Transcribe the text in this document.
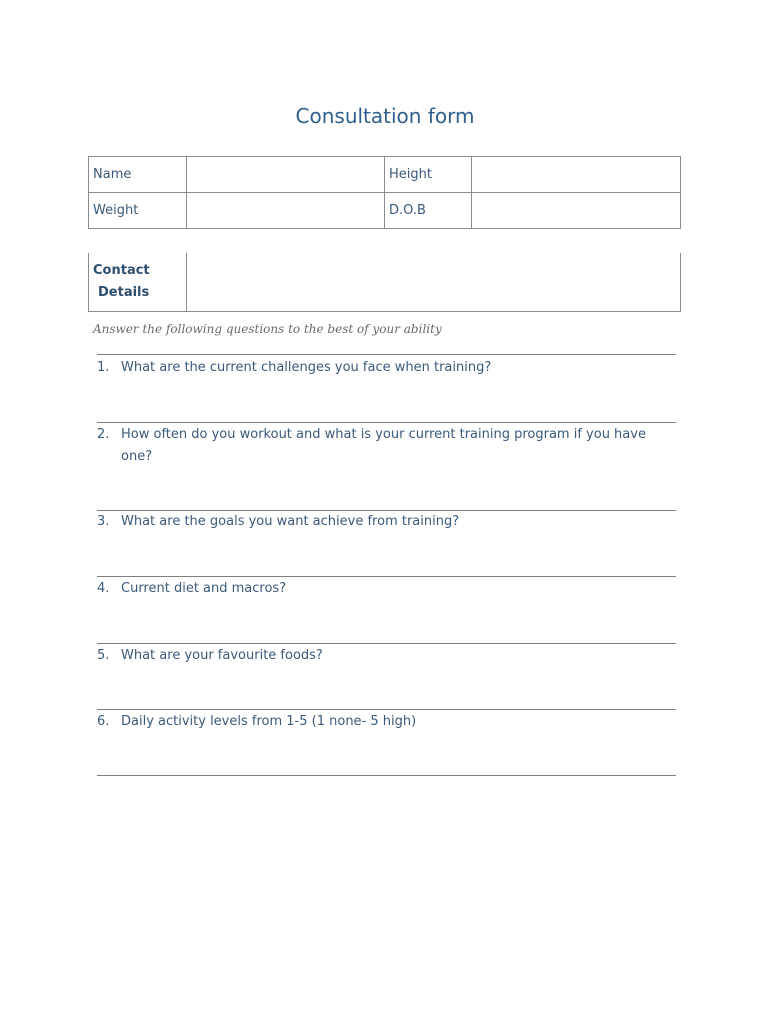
Consultation form
Name		Height	
Weight		D.O.B	
Contact
Details
Answer the following questions to the best of your ability
1. What are the current challenges you face when training?
2. How often do you workout and what is your current training program if you have one?
3. What are the goals you want achieve from training?
4. Current diet and macros?
5. What are your favourite foods?
6. Daily activity levels from 1-5 (1 none- 5 high)
